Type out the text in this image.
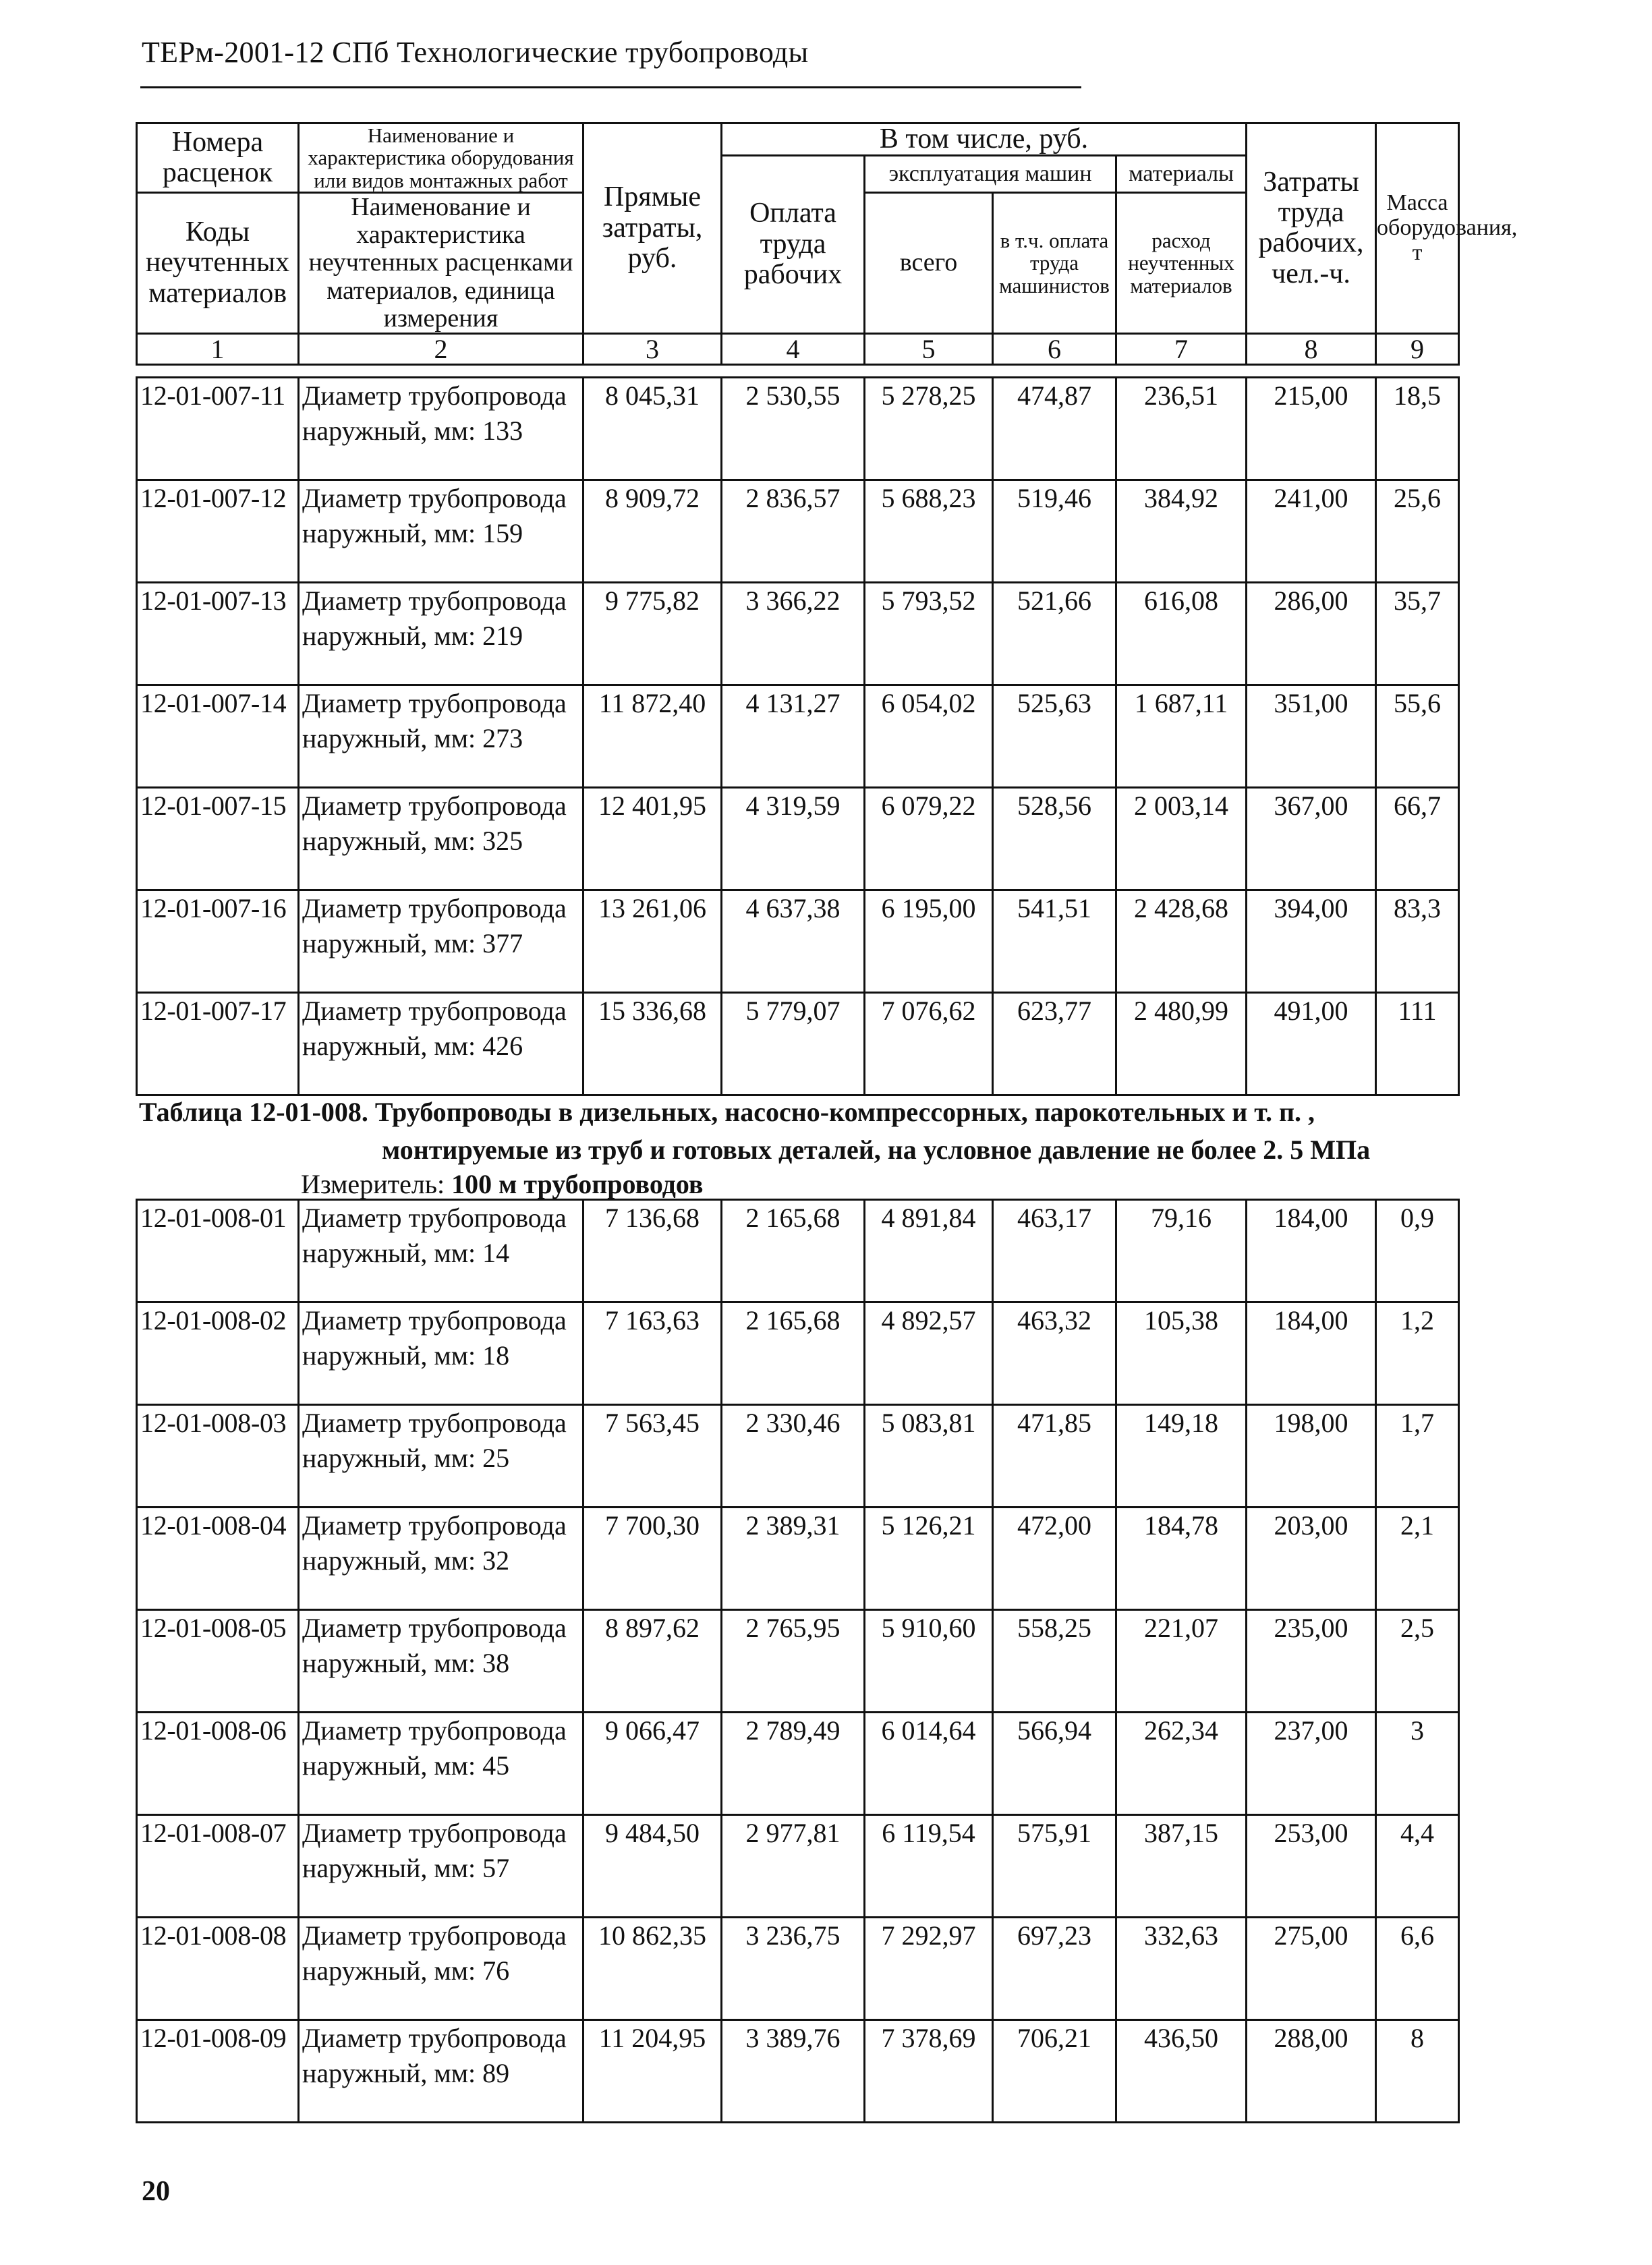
ТЕРм-2001-12 СПб Технологические трубопроводы
Номера расценок	Наименование и характеристика оборудования или видов монтажных работ	Прямые затраты, руб.	В том числе, руб.				Затраты труда рабочих, чел.-ч.	Масса оборудования, т
			Оплата труда рабочих	эксплуатация машин		материалы		
Коды неучтенных материалов	Наименование и характеристика неучтенных расценками материалов, единица измерения			всего	в т.ч. оплата труда машинистов	расход неучтенных материалов		

1	2	3	4	5	6	7	8	9
12-01-007-11	Диаметр трубопровода
наружный, мм: 133	8 045,31	2 530,55	5 278,25	474,87	236,51	215,00	18,5
12-01-007-12	Диаметр трубопровода
наружный, мм: 159	8 909,72	2 836,57	5 688,23	519,46	384,92	241,00	25,6
12-01-007-13	Диаметр трубопровода
наружный, мм: 219	9 775,82	3 366,22	5 793,52	521,66	616,08	286,00	35,7
12-01-007-14	Диаметр трубопровода
наружный, мм: 273	11 872,40	4 131,27	6 054,02	525,63	1 687,11	351,00	55,6
12-01-007-15	Диаметр трубопровода
наружный, мм: 325	12 401,95	4 319,59	6 079,22	528,56	2 003,14	367,00	66,7
12-01-007-16	Диаметр трубопровода
наружный, мм: 377	13 261,06	4 637,38	6 195,00	541,51	2 428,68	394,00	83,3
12-01-007-17	Диаметр трубопровода
наружный, мм: 426	15 336,68	5 779,07	7 076,62	623,77	2 480,99	491,00	111
Таблица 12-01-008. Трубопроводы в дизельных, насосно-компрессорных, парокотельных и т. п. ,
монтируемые из труб и готовых деталей, на условное давление не более 2. 5 МПа
Измеритель: 100 м трубопроводов
12-01-008-01	Диаметр трубопровода
наружный, мм: 14	7 136,68	2 165,68	4 891,84	463,17	79,16	184,00	0,9
12-01-008-02	Диаметр трубопровода
наружный, мм: 18	7 163,63	2 165,68	4 892,57	463,32	105,38	184,00	1,2
12-01-008-03	Диаметр трубопровода
наружный, мм: 25	7 563,45	2 330,46	5 083,81	471,85	149,18	198,00	1,7
12-01-008-04	Диаметр трубопровода
наружный, мм: 32	7 700,30	2 389,31	5 126,21	472,00	184,78	203,00	2,1
12-01-008-05	Диаметр трубопровода
наружный, мм: 38	8 897,62	2 765,95	5 910,60	558,25	221,07	235,00	2,5
12-01-008-06	Диаметр трубопровода
наружный, мм: 45	9 066,47	2 789,49	6 014,64	566,94	262,34	237,00	3
12-01-008-07	Диаметр трубопровода
наружный, мм: 57	9 484,50	2 977,81	6 119,54	575,91	387,15	253,00	4,4
12-01-008-08	Диаметр трубопровода
наружный, мм: 76	10 862,35	3 236,75	7 292,97	697,23	332,63	275,00	6,6
12-01-008-09	Диаметр трубопровода
наружный, мм: 89	11 204,95	3 389,76	7 378,69	706,21	436,50	288,00	8
20
